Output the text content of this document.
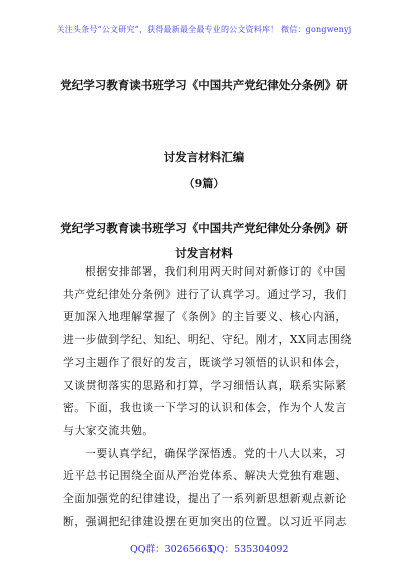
关注头条号“公文研究”，获得最新最全最专业的公文资料库！ 微信：gongwenyj
党纪学习教育读书班学习《中国共产党纪律处分条例》研
讨发言材料汇编
（9篇）
党纪学习教育读书班学习《中国共产党纪律处分条例》研
讨发言材料
根据安排部署，我们利用两天时间对新修订的《中国
共产党纪律处分条例》进行了认真学习。通过学习，我们
更加深入地理解掌握了《条例》的主旨要义、核心内涵，
进一步做到学纪、知纪、明纪、守纪。刚才，XX同志围绕
学习主题作了很好的发言，既谈学习领悟的认识和体会，
又谈贯彻落实的思路和打算，学习细悟认真，联系实际紧
密。下面，我也谈一下学习的认识和体会，作为个人发言
与大家交流共勉。
一要认真学纪，确保学深悟透。党的十八大以来，习
近平总书记围绕全面从严治党体系、解决大党独有难题、
全面加强党的纪律建设，提出了一系列新思想新观点新论
断，强调把纪律建设摆在更加突出的位置。以习近平同志
QQ群：30265665
QQ：535304092
